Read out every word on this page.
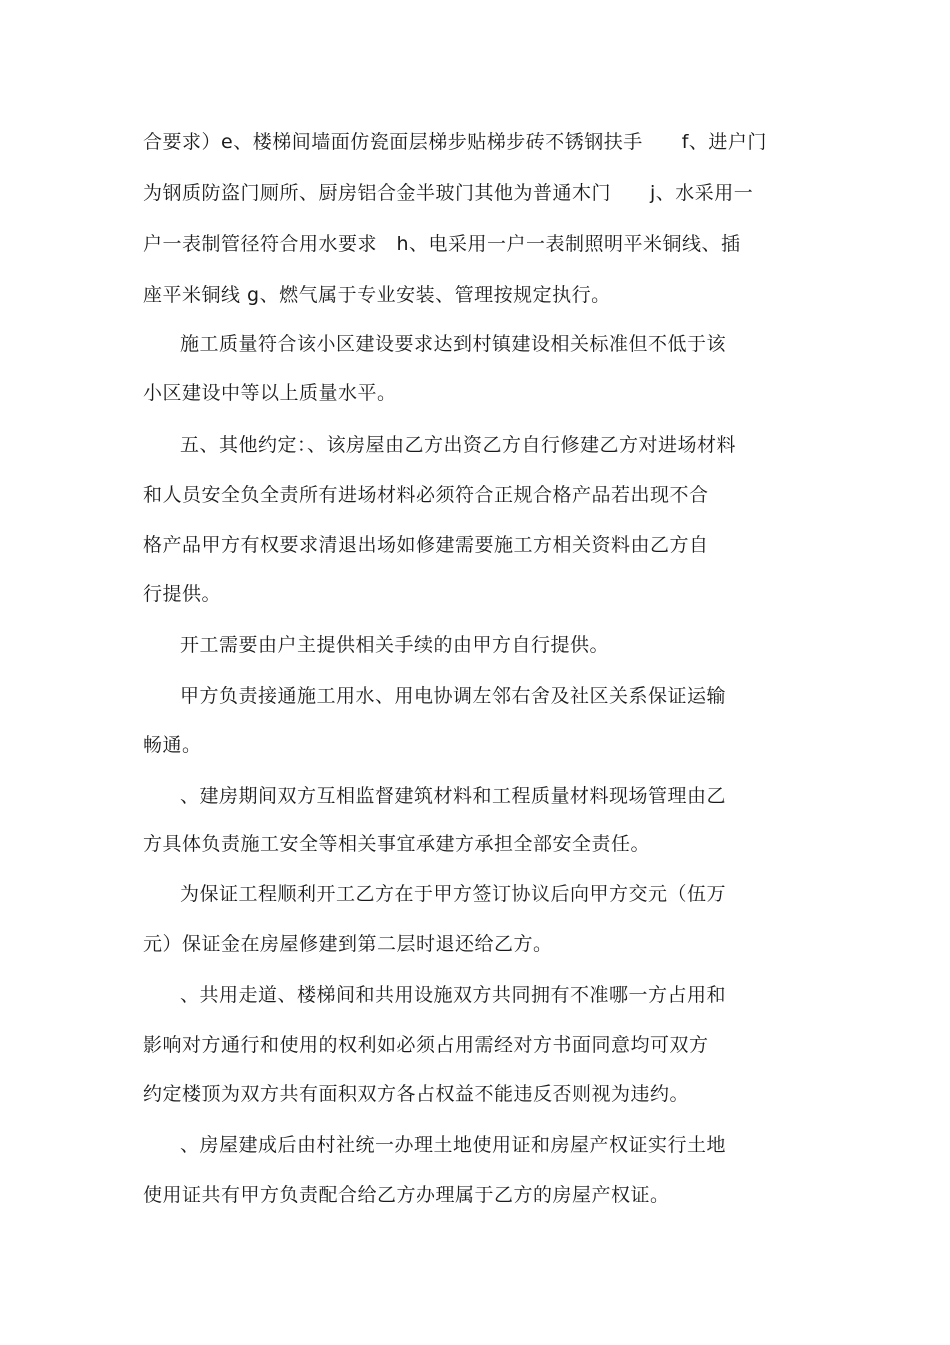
合要求）e、楼梯间墙面仿瓷面层梯步贴梯步砖不锈钢扶手　　f、进户门
为钢质防盗门厕所、厨房铝合金半玻门其他为普通木门　　j、水采用一
户一表制管径符合用水要求　h、电采用一户一表制照明平米铜线、插
座平米铜线 g、燃气属于专业安装、管理按规定执行。
施工质量符合该小区建设要求达到村镇建设相关标准但不低于该
小区建设中等以上质量水平。
五、其他约定：、该房屋由乙方出资乙方自行修建乙方对进场材料
和人员安全负全责所有进场材料必须符合正规合格产品若出现不合
格产品甲方有权要求清退出场如修建需要施工方相关资料由乙方自
行提供。
开工需要由户主提供相关手续的由甲方自行提供。
甲方负责接通施工用水、用电协调左邻右舍及社区关系保证运输
畅通。
、建房期间双方互相监督建筑材料和工程质量材料现场管理由乙
方具体负责施工安全等相关事宜承建方承担全部安全责任。
为保证工程顺利开工乙方在于甲方签订协议后向甲方交元（伍万
元）保证金在房屋修建到第二层时退还给乙方。
、共用走道、楼梯间和共用设施双方共同拥有不准哪一方占用和
影响对方通行和使用的权利如必须占用需经对方书面同意均可双方
约定楼顶为双方共有面积双方各占权益不能违反否则视为违约。
、房屋建成后由村社统一办理土地使用证和房屋产权证实行土地
使用证共有甲方负责配合给乙方办理属于乙方的房屋产权证。
